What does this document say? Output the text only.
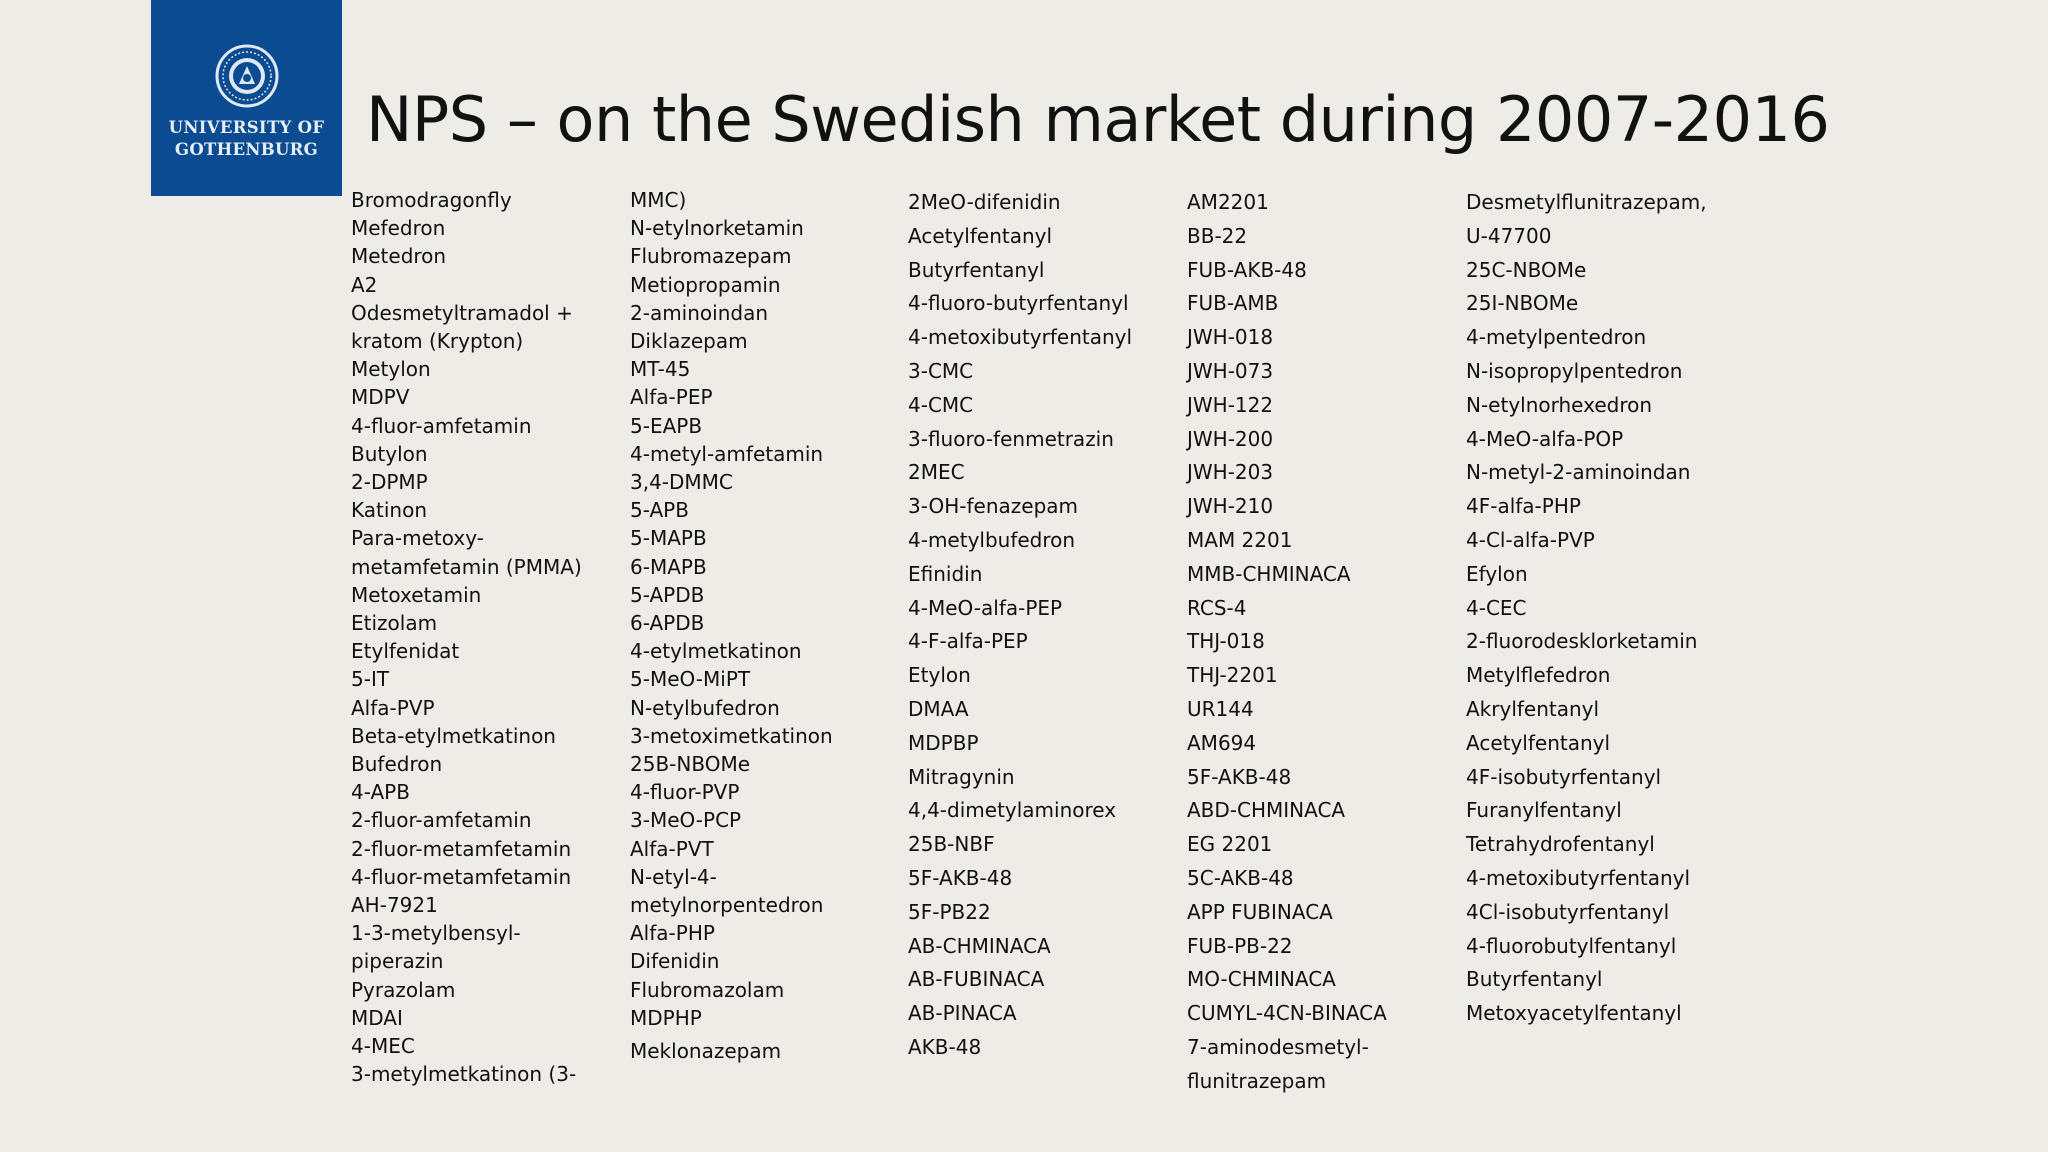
UNIVERSITY OF
GOTHENBURG NPS – on the Swedish market during 2007-2016
Bromodragonfly
Mefedron
Metedron
A2
Odesmetyltramadol +
kratom (Krypton)
Metylon
MDPV
4-fluor-amfetamin
Butylon
2-DPMP
Katinon
Para-metoxy-
metamfetamin (PMMA)
Metoxetamin
Etizolam
Etylfenidat
5-IT
Alfa-PVP
Beta-etylmetkatinon
Bufedron
4-APB
2-fluor-amfetamin
2-fluor-metamfetamin
4-fluor-metamfetamin
AH-7921
1-3-metylbensyl-
piperazin
Pyrazolam
MDAI
4-MEC
3-metylmetkatinon (3-
MMC)
N-etylnorketamin
Flubromazepam
Metiopropamin
2-aminoindan
Diklazepam
MT-45
Alfa-PEP
5-EAPB
4-metyl-amfetamin
3,4-DMMC
5-APB
5-MAPB
6-MAPB
5-APDB
6-APDB
4-etylmetkatinon
5-MeO-MiPT
N-etylbufedron
3-metoximetkatinon
25B-NBOMe
4-fluor-PVP
3-MeO-PCP
Alfa-PVT
N-etyl-4-
metylnorpentedron
Alfa-PHP
Difenidin
Flubromazolam
MDPHP
Meklonazepam
2MeO-difenidin
Acetylfentanyl
Butyrfentanyl
4-fluoro-butyrfentanyl
4-metoxibutyrfentanyl
3-CMC
4-CMC
3-fluoro-fenmetrazin
2MEC
3-OH-fenazepam
4-metylbufedron
Efinidin
4-MeO-alfa-PEP
4-F-alfa-PEP
Etylon
DMAA
MDPBP
Mitragynin
4,4-dimetylaminorex
25B-NBF
5F-AKB-48
5F-PB22
AB-CHMINACA
AB-FUBINACA
AB-PINACA
AKB-48
AM2201
BB-22
FUB-AKB-48
FUB-AMB
JWH-018
JWH-073
JWH-122
JWH-200
JWH-203
JWH-210
MAM 2201
MMB-CHMINACA
RCS-4
THJ-018
THJ-2201
UR144
AM694
5F-AKB-48
ABD-CHMINACA
EG 2201
5C-AKB-48
APP FUBINACA
FUB-PB-22
MO-CHMINACA
CUMYL-4CN-BINACA
7-aminodesmetyl-
flunitrazepam
Desmetylflunitrazepam,
U-47700
25C-NBOMe
25I-NBOMe
4-metylpentedron
N-isopropylpentedron
N-etylnorhexedron
4-MeO-alfa-POP
N-metyl-2-aminoindan
4F-alfa-PHP
4-Cl-alfa-PVP
Efylon
4-CEC
2-fluorodesklorketamin
Metylflefedron
Akrylfentanyl
Acetylfentanyl
4F-isobutyrfentanyl
Furanylfentanyl
Tetrahydrofentanyl
4-metoxibutyrfentanyl
4Cl-isobutyrfentanyl
4-fluorobutylfentanyl
Butyrfentanyl
Metoxyacetylfentanyl
